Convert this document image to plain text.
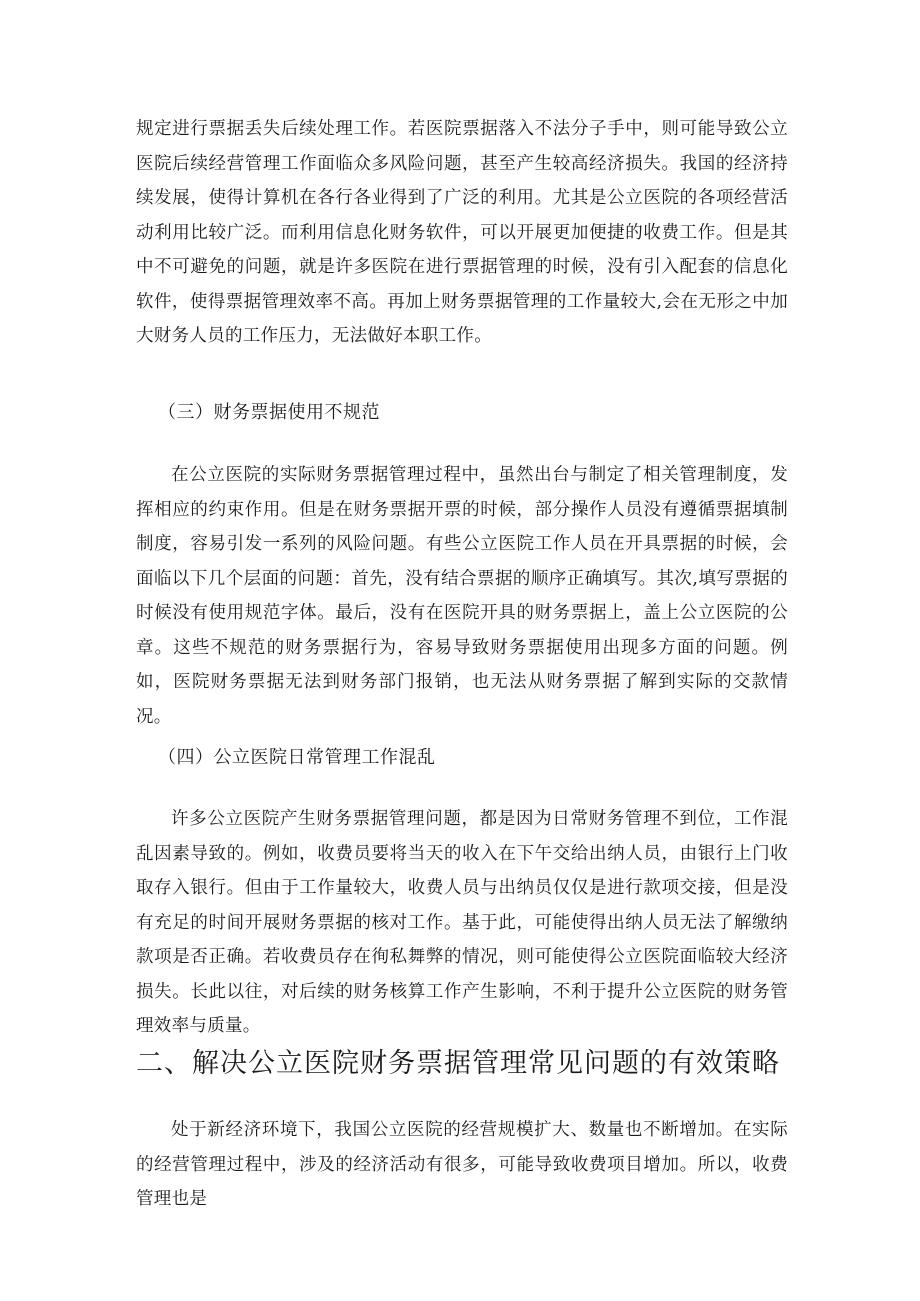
规定进行票据丢失后续处理工作。若医院票据落入不法分子手中，则可能导致公立医院后续经营管理工作面临众多风险问题，甚至产生较高经济损失。我国的经济持续发展，使得计算机在各行各业得到了广泛的利用。尤其是公立医院的各项经营活动利用比较广泛。而利用信息化财务软件，可以开展更加便捷的收费工作。但是其中不可避免的问题，就是许多医院在进行票据管理的时候，没有引入配套的信息化软件，使得票据管理效率不高。再加上财务票据管理的工作量较大,会在无形之中加大财务人员的工作压力，无法做好本职工作。

（三）财务票据使用不规范

在公立医院的实际财务票据管理过程中，虽然出台与制定了相关管理制度，发挥相应的约束作用。但是在财务票据开票的时候，部分操作人员没有遵循票据填制制度，容易引发一系列的风险问题。有些公立医院工作人员在开具票据的时候，会面临以下几个层面的问题：首先，没有结合票据的顺序正确填写。其次,填写票据的时候没有使用规范字体。最后，没有在医院开具的财务票据上，盖上公立医院的公章。这些不规范的财务票据行为，容易导致财务票据使用出现多方面的问题。例如，医院财务票据无法到财务部门报销，也无法从财务票据了解到实际的交款情况。

（四）公立医院日常管理工作混乱

许多公立医院产生财务票据管理问题，都是因为日常财务管理不到位，工作混乱因素导致的。例如，收费员要将当天的收入在下午交给出纳人员，由银行上门收取存入银行。但由于工作量较大，收费人员与出纳员仅仅是进行款项交接，但是没有充足的时间开展财务票据的核对工作。基于此，可能使得出纳人员无法了解缴纳款项是否正确。若收费员存在徇私舞弊的情况，则可能使得公立医院面临较大经济损失。长此以往，对后续的财务核算工作产生影响，不利于提升公立医院的财务管理效率与质量。

二、解决公立医院财务票据管理常见问题的有效策略

处于新经济环境下，我国公立医院的经营规模扩大、数量也不断增加。在实际的经营管理过程中，涉及的经济活动有很多，可能导致收费项目增加。所以，收费管理也是
